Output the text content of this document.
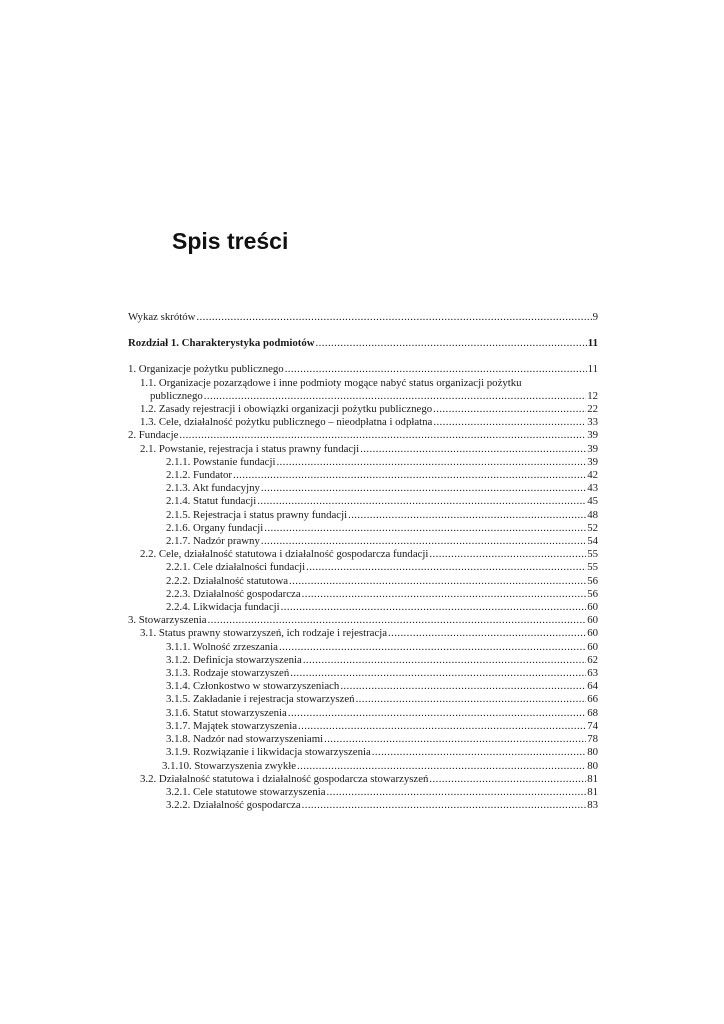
Spis treści
Wykaz skrótów .....	9
Rozdział 1. Charakterystyka podmiotów .....	11
1. Organizacje pożytku publicznego .....	11
1.1. Organizacje pozarządowe i inne podmioty mogące nabyć status organizacji pożytku
publicznego .....	12
1.2. Zasady rejestracji i obowiązki organizacji pożytku publicznego .....	22
1.3. Cele, działalność pożytku publicznego – nieodpłatna i odpłatna .....	33
2. Fundacje .....	39
2.1. Powstanie, rejestracja i status prawny fundacji .....	39
2.1.1. Powstanie fundacji .....	39
2.1.2. Fundator .....	42
2.1.3. Akt fundacyjny .....	43
2.1.4. Statut fundacji .....	45
2.1.5. Rejestracja i status prawny fundacji .....	48
2.1.6. Organy fundacji .....	52
2.1.7. Nadzór prawny .....	54
2.2. Cele, działalność statutowa i działalność gospodarcza fundacji .....	55
2.2.1. Cele działalności fundacji .....	55
2.2.2. Działalność statutowa .....	56
2.2.3. Działalność gospodarcza .....	56
2.2.4. Likwidacja fundacji .....	60
3. Stowarzyszenia .....	60
3.1. Status prawny stowarzyszeń, ich rodzaje i rejestracja .....	60
3.1.1. Wolność zrzeszania .....	60
3.1.2. Definicja stowarzyszenia .....	62
3.1.3. Rodzaje stowarzyszeń .....	63
3.1.4. Członkostwo w stowarzyszeniach .....	64
3.1.5. Zakładanie i rejestracja stowarzyszeń .....	66
3.1.6. Statut stowarzyszenia .....	68
3.1.7. Majątek stowarzyszenia .....	74
3.1.8. Nadzór nad stowarzyszeniami .....	78
3.1.9. Rozwiązanie i likwidacja stowarzyszenia .....	80
3.1.10. Stowarzyszenia zwykłe .....	80
3.2. Działalność statutowa i działalność gospodarcza stowarzyszeń .....	81
3.2.1. Cele statutowe stowarzyszenia .....	81
3.2.2. Działalność gospodarcza .....	83
